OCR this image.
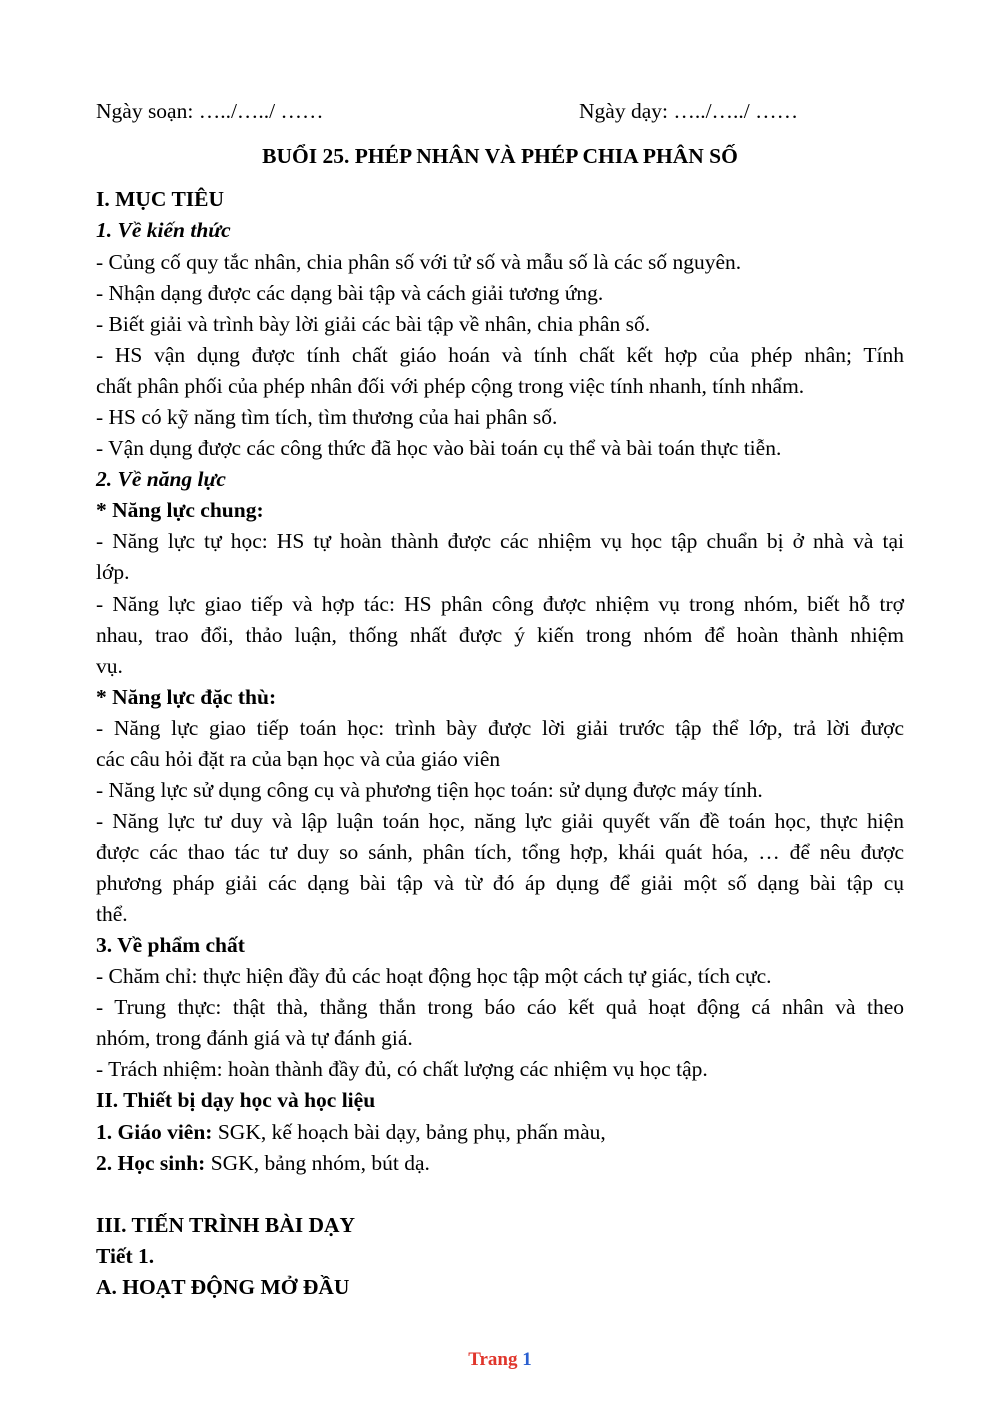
Ngày soạn: …../…../ ……	Ngày dạy: …../…../ ……
BUỔI 25. PHÉP NHÂN VÀ PHÉP CHIA PHÂN SỐ
I. MỤC TIÊU
1. Về kiến thức
- Củng cố quy tắc nhân, chia phân số với tử số và mẫu số là các số nguyên.
- Nhận dạng được các dạng bài tập và cách giải tương ứng.
- Biết giải và trình bày lời giải các bài tập về nhân, chia phân số.
- HS vận dụng được tính chất giáo hoán và tính chất kết hợp của phép nhân; Tính
chất phân phối của phép nhân đối với phép cộng trong việc tính nhanh, tính nhẩm.
- HS có kỹ năng tìm tích, tìm thương của hai phân số.
- Vận dụng được các công thức đã học vào bài toán cụ thể và bài toán thực tiễn.
2. Về năng lực
* Năng lực chung:
- Năng lực tự học: HS tự hoàn thành được các nhiệm vụ học tập chuẩn bị ở nhà và tại
lớp.
- Năng lực giao tiếp và hợp tác: HS phân công được nhiệm vụ trong nhóm, biết hỗ trợ
nhau, trao đổi, thảo luận, thống nhất được ý kiến trong nhóm để hoàn thành nhiệm
vụ.
* Năng lực đặc thù:
- Năng lực giao tiếp toán học: trình bày được lời giải trước tập thể lớp, trả lời được
các câu hỏi đặt ra của bạn học và của giáo viên
- Năng lực sử dụng công cụ và phương tiện học toán: sử dụng được máy tính.
- Năng lực tư duy và lập luận toán học, năng lực giải quyết vấn đề toán học, thực hiện
được các thao tác tư duy so sánh, phân tích, tổng hợp, khái quát hóa, … để nêu được
phương pháp giải các dạng bài tập và từ đó áp dụng để giải một số dạng bài tập cụ
thể.
3. Về phẩm chất
- Chăm chỉ: thực hiện đầy đủ các hoạt động học tập một cách tự giác, tích cực.
- Trung thực: thật thà, thẳng thắn trong báo cáo kết quả hoạt động cá nhân và theo
nhóm, trong đánh giá và tự đánh giá.
- Trách nhiệm: hoàn thành đầy đủ, có chất lượng các nhiệm vụ học tập.
II. Thiết bị dạy học và học liệu
1. Giáo viên: SGK, kế hoạch bài dạy, bảng phụ, phấn màu,
2. Học sinh: SGK, bảng nhóm, bút dạ.
III. TIẾN TRÌNH BÀI DẠY
Tiết 1.
A. HOẠT ĐỘNG MỞ ĐẦU
Trang 1
